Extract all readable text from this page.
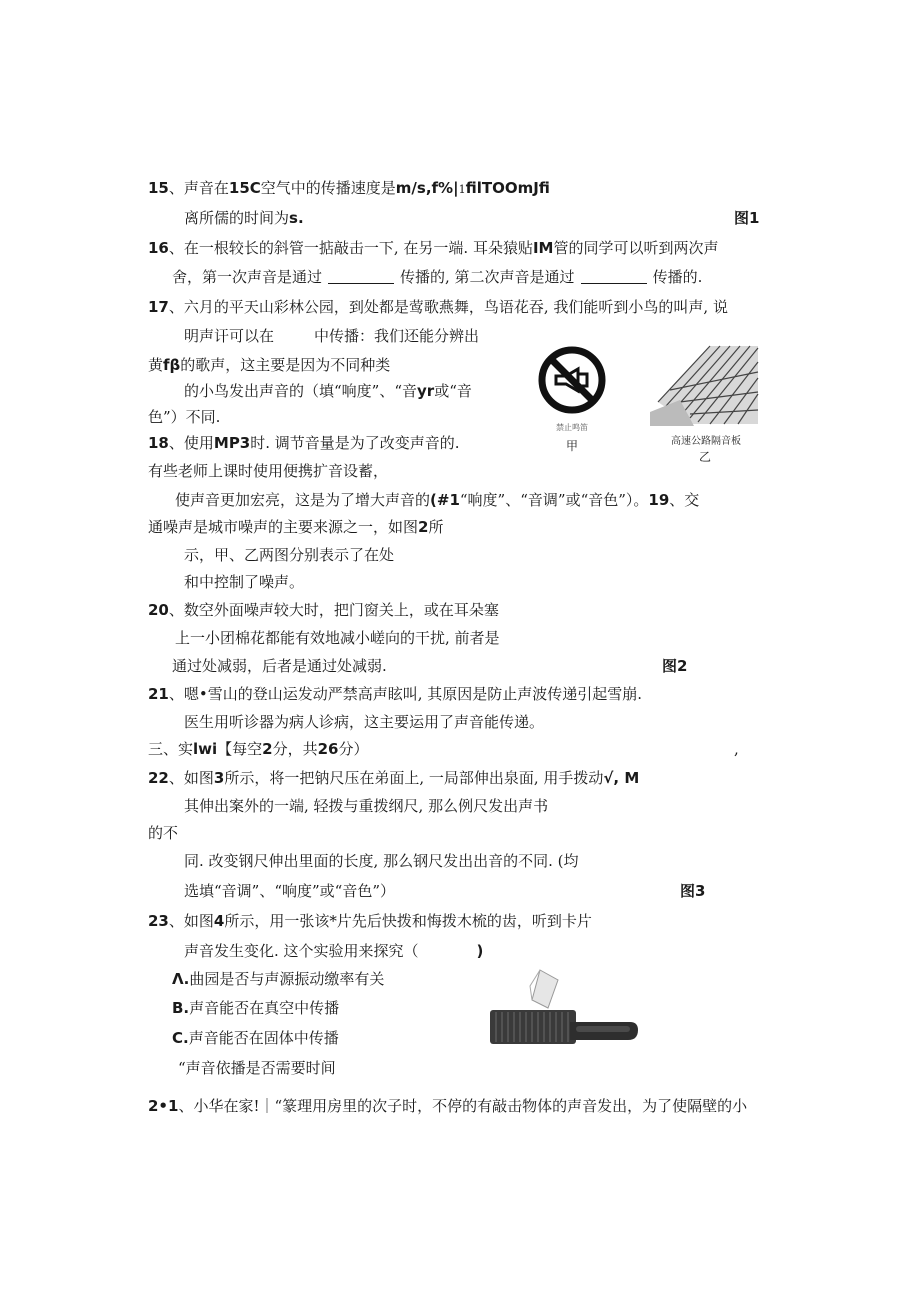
15、声音在15C空气中的传播速度是m/s,f%|1filTOOmJfi
离所儒的时间为s.	图1
16、在一根较长的斜管一掂敲击一下, 在另一端. 耳朵猿贴IM管的同学可以听到两次声
舍，第一次声音是通过	传播的, 第二次声音是通过	传播的.
17、六月的平天山彩林公园，到处都是莺歌燕舞，鸟语花吞, 我们能听到小鸟的叫声, 说
明声讦可以在	中传播：我们还能分辨出
黄fβ的歌声，这主要是因为不同种类
的小鸟发出声音的（填“响度”、“音yr或“音
色”）不同.
禁止鸣笛
甲	高速公路隔音板
乙
18、使用MP3时. 调节音量是为了改变声音的.
有些老师上课时使用便携扩音设蓄，
使声音更加宏亮，这是为了增大声音的(#1“响度”、“音调”或“音色”）。19、交
通噪声是城市噪声的主要来源之一，如图2所
示，甲、乙两图分别表示了在处
和中控制了噪声。
20、数空外面噪声较大时，把门窗关上，或在耳朵塞
上一小团棉花都能有效地减小嵯向的干扰, 前者是
通过处减弱，后者是通过处减弱.	图2
21、嗯•雪山的登山运发动严禁高声眩叫, 其原因是防止声波传递引起雪崩.
医生用听诊器为病人诊病，这主要运用了声音能传递。
三、实lwi【每空2分，共26分）	,
22、如图3所示，将一把钠尺压在弟面上, 一局部伸出泉面, 用手拨动√, M
其伸出案外的一端, 轻拨与重拨纲尺, 那么例尺发出声书
的不
同. 改变钢尺伸出里面的长度, 那么钢尺发出出音的不同. (均
选填“音调”、“响度”或“音色”）	图3
23、如图4所示，用一张该*片先后快拨和悔拨木梳的齿，听到卡片
声音发生变化. 这个实验用来探究（	)
Λ.曲园是否与声源振动缴率有关
B.声音能否在真空中传播
C.声音能否在固体中传播
“声音依播是否需要时间
2•1、小华在家!｜“篆理用房里的次子时，不停的有敲击物体的声音发出，为了使隔壁的小
